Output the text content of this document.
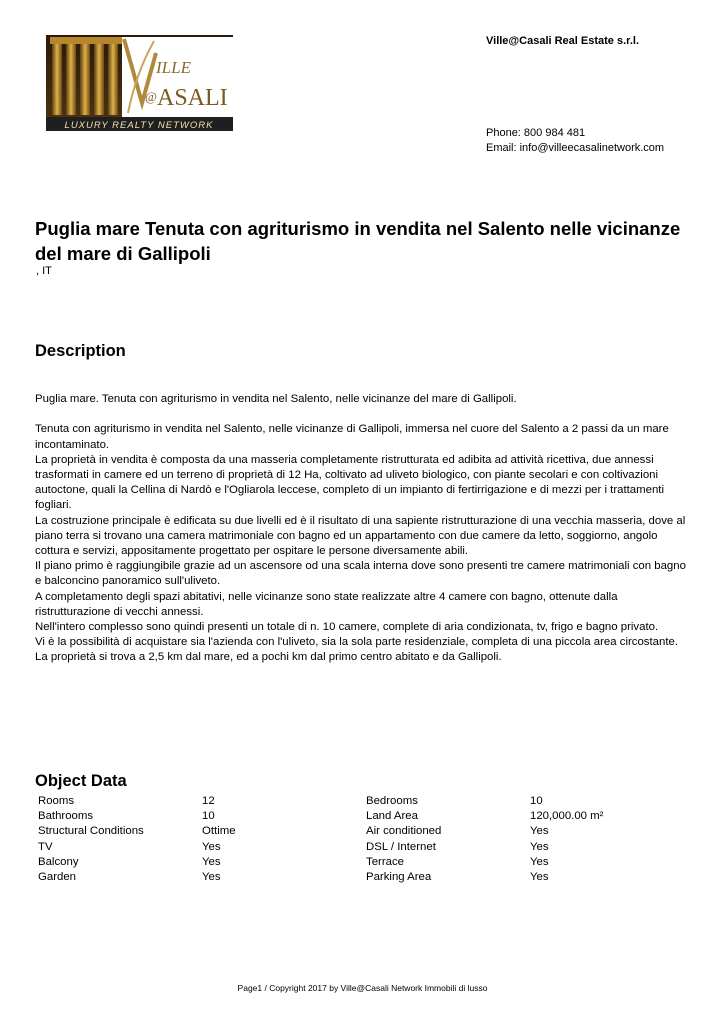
ILLE
@ ASALI
LUXURY REALTY NETWORK
Ville@Casali Real Estate s.r.l.
Phone: 800 984 481
Email: info@villeecasalinetwork.com
Puglia mare Tenuta con agriturismo in vendita nel Salento nelle vicinanze del mare di Gallipoli
, IT
Description

Puglia mare. Tenuta con agriturismo in vendita nel Salento, nelle vicinanze del mare di Gallipoli.

Tenuta con agriturismo in vendita nel Salento, nelle vicinanze di Gallipoli, immersa nel cuore del Salento a 2 passi da un mare incontaminato.

La proprietà in vendita è composta da una masseria completamente ristrutturata ed adibita ad attività ricettiva, due annessi trasformati in camere ed un terreno di proprietà di 12 Ha, coltivato ad uliveto biologico, con piante secolari e con coltivazioni autoctone, quali la Cellina di Nardò e l'Ogliarola leccese, completo di un impianto di fertirrigazione e di mezzi per i trattamenti fogliari.

La costruzione principale è edificata su due livelli ed è il risultato di una sapiente ristrutturazione di una vecchia masseria, dove al piano terra si trovano una camera matrimoniale con bagno ed un appartamento con due camere da letto, soggiorno, angolo cottura e servizi, appositamente progettato per ospitare le persone diversamente abili.

Il piano primo è raggiungibile grazie ad un ascensore od una scala interna dove sono presenti tre camere matrimoniali con bagno e balconcino panoramico sull'uliveto.

A completamento degli spazi abitativi, nelle vicinanze sono state realizzate altre 4 camere con bagno, ottenute dalla ristrutturazione di vecchi annessi.

Nell'intero complesso sono quindi presenti un totale di n. 10 camere, complete di aria condizionata, tv, frigo e bagno privato.

Vi è la possibilità di acquistare sia l'azienda con l'uliveto, sia la sola parte residenziale, completa di una piccola area circostante.

La proprietà si trova a 2,5 km dal mare, ed a pochi km dal primo centro abitato e da Gallipoli.

Object Data
Rooms	12	Bedrooms	10
Bathrooms	10	Land Area	120,000.00 m²
Structural Conditions	Ottime	Air conditioned	Yes
TV	Yes	DSL / Internet	Yes
Balcony	Yes	Terrace	Yes
Garden	Yes	Parking Area	Yes
Page1 / Copyright 2017 by Ville@Casali Network Immobili di lusso
